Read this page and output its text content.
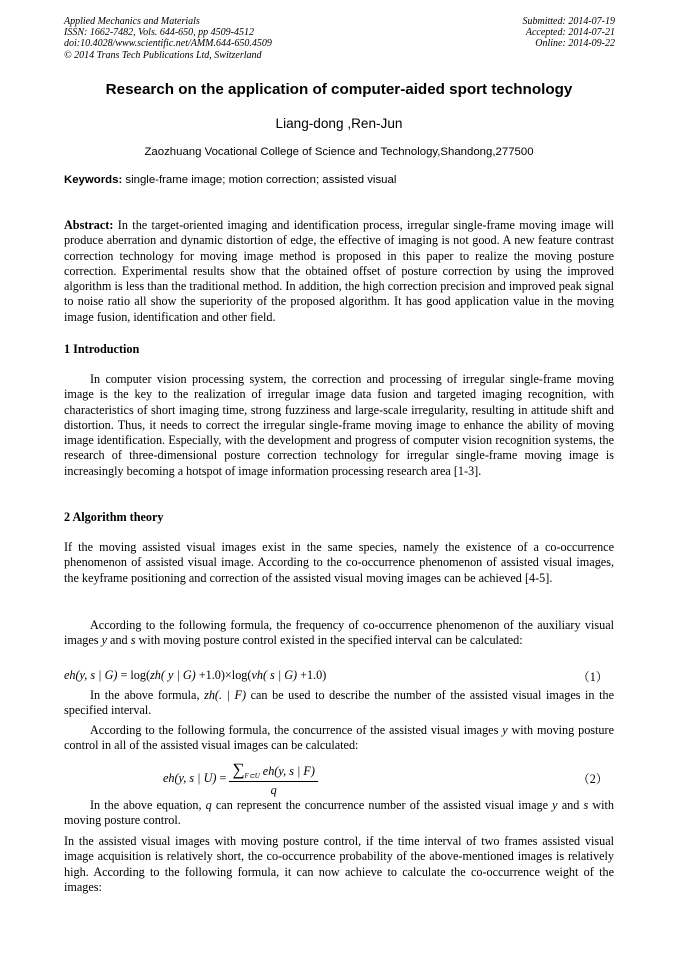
Applied Mechanics and Materials
ISSN: 1662-7482, Vols. 644-650, pp 4509-4512
doi:10.4028/www.scientific.net/AMM.644-650.4509
© 2014 Trans Tech Publications Ltd, Switzerland
Submitted: 2014-07-19
Accepted: 2014-07-21
Online: 2014-09-22
Research on the application of computer-aided sport technology
Liang-dong ,Ren-Jun
Zaozhuang Vocational College of Science and Technology,Shandong,277500
Keywords: single-frame image; motion correction; assisted visual
Abstract: In the target-oriented imaging and identification process, irregular single-frame moving image will produce aberration and dynamic distortion of edge, the effective of imaging is not good. A new feature contrast correction technology for moving image method is proposed in this paper to realize the moving posture correction. Experimental results show that the obtained offset of posture correction by using the improved algorithm is less than the traditional method. In addition, the high correction precision and improved peak signal to noise ratio all show the superiority of the proposed algorithm. It has good application value in the moving image fusion, identification and other field.
1 Introduction
In computer vision processing system, the correction and processing of irregular single-frame moving image is the key to the realization of irregular image data fusion and targeted imaging recognition, with characteristics of short imaging time, strong fuzziness and large-scale irregularity, resulting in attitude shift and distortion. Thus, it needs to correct the irregular single-frame moving image to enhance the ability of moving image identification. Especially, with the development and progress of computer vision recognition systems, the research of three-dimensional posture correction technology for irregular single-frame moving image is increasingly becoming a hotspot of image information processing research area [1-3].
2 Algorithm theory
If the moving assisted visual images exist in the same species, namely the existence of a co-occurrence phenomenon of assisted visual image. According to the co-occurrence phenomenon of assisted visual images, the keyframe positioning and correction of the assisted visual moving images can be achieved [4-5].
According to the following formula, the frequency of co-occurrence phenomenon of the auxiliary visual images y and s with moving posture control existed in the specified interval can be calculated:
eh(y, s | G) = log(zh( y | G) +1.0)×log(vh( s | G) +1.0)	（1）
In the above formula, zh(. | F) can be used to describe the number of the assisted visual images in the specified interval.
According to the following formula, the concurrence of the assisted visual images y with moving posture control in all of the assisted visual images can be calculated:
eh(y, s | $U) = \frac{\sum_{F\subset U} eh(y, s | F)}{q}$	（2）
In the above equation, q can represent the concurrence number of the assisted visual image y and s with moving posture control.
In the assisted visual images with moving posture control, if the time interval of two frames assisted visual image acquisition is relatively short, the co-occurrence probability of the above-mentioned images is relatively high. According to the following formula, it can now achieve to calculate the co-occurrence weight of the images:
